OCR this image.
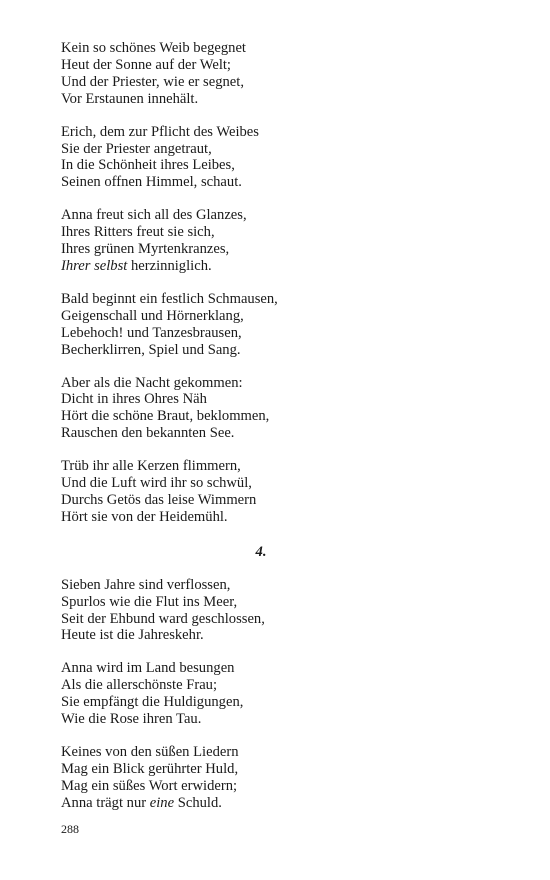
Kein so schönes Weib begegnet
Heut der Sonne auf der Welt;
Und der Priester, wie er segnet,
Vor Erstaunen innehält.
Erich, dem zur Pflicht des Weibes
Sie der Priester angetraut,
In die Schönheit ihres Leibes,
Seinen offnen Himmel, schaut.
Anna freut sich all des Glanzes,
Ihres Ritters freut sie sich,
Ihres grünen Myrtenkranzes,
Ihrer selbst herzinniglich.
Bald beginnt ein festlich Schmausen,
Geigenschall und Hörnerklang,
Lebehoch! und Tanzesbrausen,
Becherklirren, Spiel und Sang.
Aber als die Nacht gekommen:
Dicht in ihres Ohres Näh
Hört die schöne Braut, beklommen,
Rauschen den bekannten See.
Trüb ihr alle Kerzen flimmern,
Und die Luft wird ihr so schwül,
Durchs Getös das leise Wimmern
Hört sie von der Heidemühl.
4.
Sieben Jahre sind verflossen,
Spurlos wie die Flut ins Meer,
Seit der Ehbund ward geschlossen,
Heute ist die Jahreskehr.
Anna wird im Land besungen
Als die allerschönste Frau;
Sie empfängt die Huldigungen,
Wie die Rose ihren Tau.
Keines von den süßen Liedern
Mag ein Blick gerührter Huld,
Mag ein süßes Wort erwidern;
Anna trägt nur eine Schuld.
288
